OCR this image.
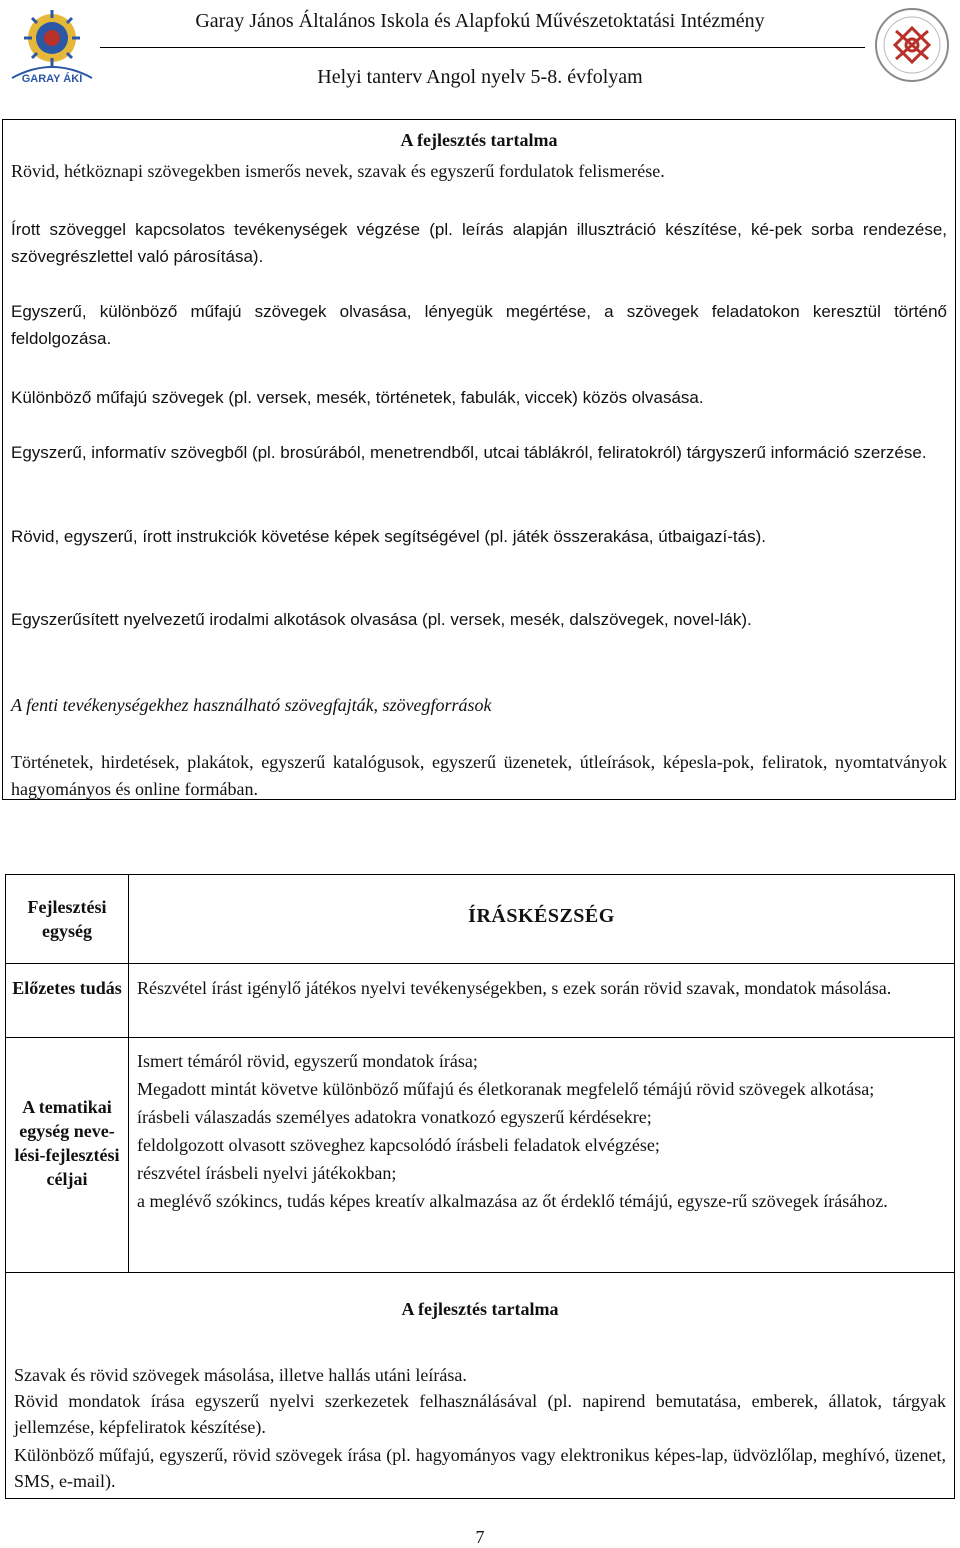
GARAY ÁKI
Garay János Általános Iskola és Alapfokú Művészetoktatási Intézmény
Helyi tanterv Angol nyelv 5-8. évfolyam
A fejlesztés tartalma
Rövid, hétköznapi szövegekben ismerős nevek, szavak és egyszerű fordulatok felismerése.
Írott szöveggel kapcsolatos tevékenységek végzése (pl. leírás alapján illusztráció készítése, ké-pek sorba rendezése, szövegrészlettel való párosítása).
Egyszerű, különböző műfajú szövegek olvasása, lényegük megértése, a szövegek feladatokon keresztül történő feldolgozása.
Különböző műfajú szövegek (pl. versek, mesék, történetek, fabulák, viccek) közös olvasása.
Egyszerű, informatív szövegből (pl. brosúrából, menetrendből, utcai táblákról, feliratokról) tárgyszerű információ szerzése.
Rövid, egyszerű, írott instrukciók követése képek segítségével (pl. játék összerakása, útbaigazí-tás).
Egyszerűsített nyelvezetű irodalmi alkotások olvasása (pl. versek, mesék, dalszövegek, novel-lák).
A fenti tevékenységekhez használható szövegfajták, szövegforrások
Történetek, hirdetések, plakátok, egyszerű katalógusok, egyszerű üzenetek, útleírások, képesla-pok, feliratok, nyomtatványok hagyományos és online formában.
Fejlesztési egység
ÍRÁSKÉSZSÉG
Előzetes tudás Részvétel írást igénylő játékos nyelvi tevékenységekben, s ezek során rövid szavak, mondatok másolása.
A tematikai egység neve-lési-fejlesztési céljai
Ismert témáról rövid, egyszerű mondatok írása;
Megadott mintát követve különböző műfajú és életkoranak megfelelő témájú rövid szövegek alkotása;
írásbeli válaszadás személyes adatokra vonatkozó egyszerű kérdésekre;
feldolgozott olvasott szöveghez kapcsolódó írásbeli feladatok elvégzése;
részvétel írásbeli nyelvi játékokban;
a meglévő szókincs, tudás képes kreatív alkalmazása az őt érdeklő témájú, egysze-rű szövegek írásához.
A fejlesztés tartalma
Szavak és rövid szövegek másolása, illetve hallás utáni leírása.
Rövid mondatok írása egyszerű nyelvi szerkezetek felhasználásával (pl. napirend bemutatása, emberek, állatok, tárgyak jellemzése, képfeliratok készítése).
Különböző műfajú, egyszerű, rövid szövegek írása (pl. hagyományos vagy elektronikus képes-lap, üdvözlőlap, meghívó, üzenet, SMS, e-mail).
7
